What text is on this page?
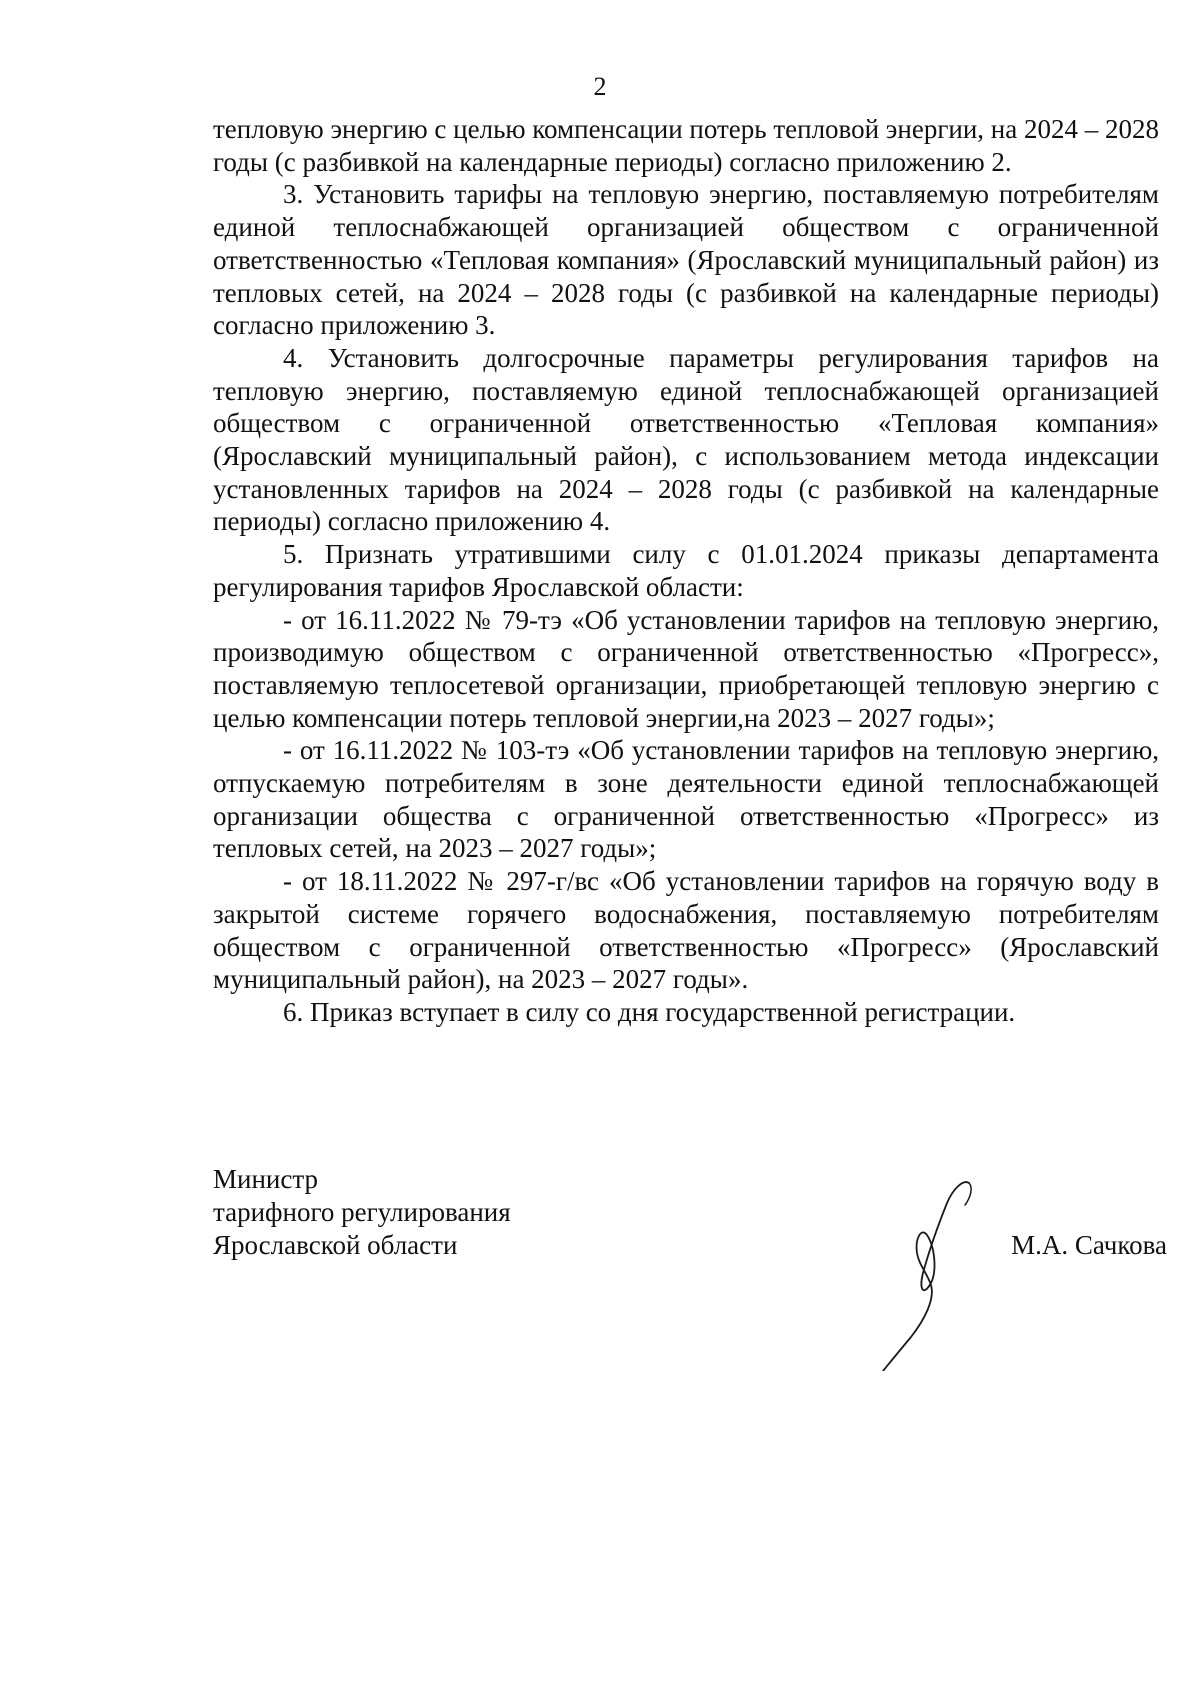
2

тепловую энергию с целью компенсации потерь тепловой энергии, на 2024 – 2028 годы (с разбивкой на календарные периоды) согласно приложению 2.

3. Установить тарифы на тепловую энергию, поставляемую потребителям единой теплоснабжающей организацией обществом с ограниченной ответственностью «Тепловая компания» (Ярославский муниципальный район) из тепловых сетей, на 2024 – 2028 годы (с разбивкой на календарные периоды) согласно приложению 3.

4. Установить долгосрочные параметры регулирования тарифов на тепловую энергию, поставляемую единой теплоснабжающей организацией обществом с ограниченной ответственностью «Тепловая компания» (Ярославский муниципальный район), с использованием метода индексации установленных тарифов на 2024 – 2028 годы (с разбивкой на календарные периоды) согласно приложению 4.

5. Признать утратившими силу с 01.01.2024 приказы департамента регулирования тарифов Ярославской области:

- от 16.11.2022 № 79-тэ «Об установлении тарифов на тепловую энергию, производимую обществом с ограниченной ответственностью «Прогресс», поставляемую теплосетевой организации, приобретающей тепловую энергию с целью компенсации потерь тепловой энергии,на 2023 – 2027 годы»;

- от 16.11.2022 № 103-тэ «Об установлении тарифов на тепловую энергию, отпускаемую потребителям в зоне деятельности единой теплоснабжающей организации общества с ограниченной ответственностью «Прогресс» из тепловых сетей, на 2023 – 2027 годы»;

- от 18.11.2022 № 297-г/вс «Об установлении тарифов на горячую воду в закрытой системе горячего водоснабжения, поставляемую потребителям обществом с ограниченной ответственностью «Прогресс» (Ярославский муниципальный район), на 2023 – 2027 годы».

6. Приказ вступает в силу со дня государственной регистрации.

Министр
тарифного регулирования
Ярославской области	М.А. Сачкова
